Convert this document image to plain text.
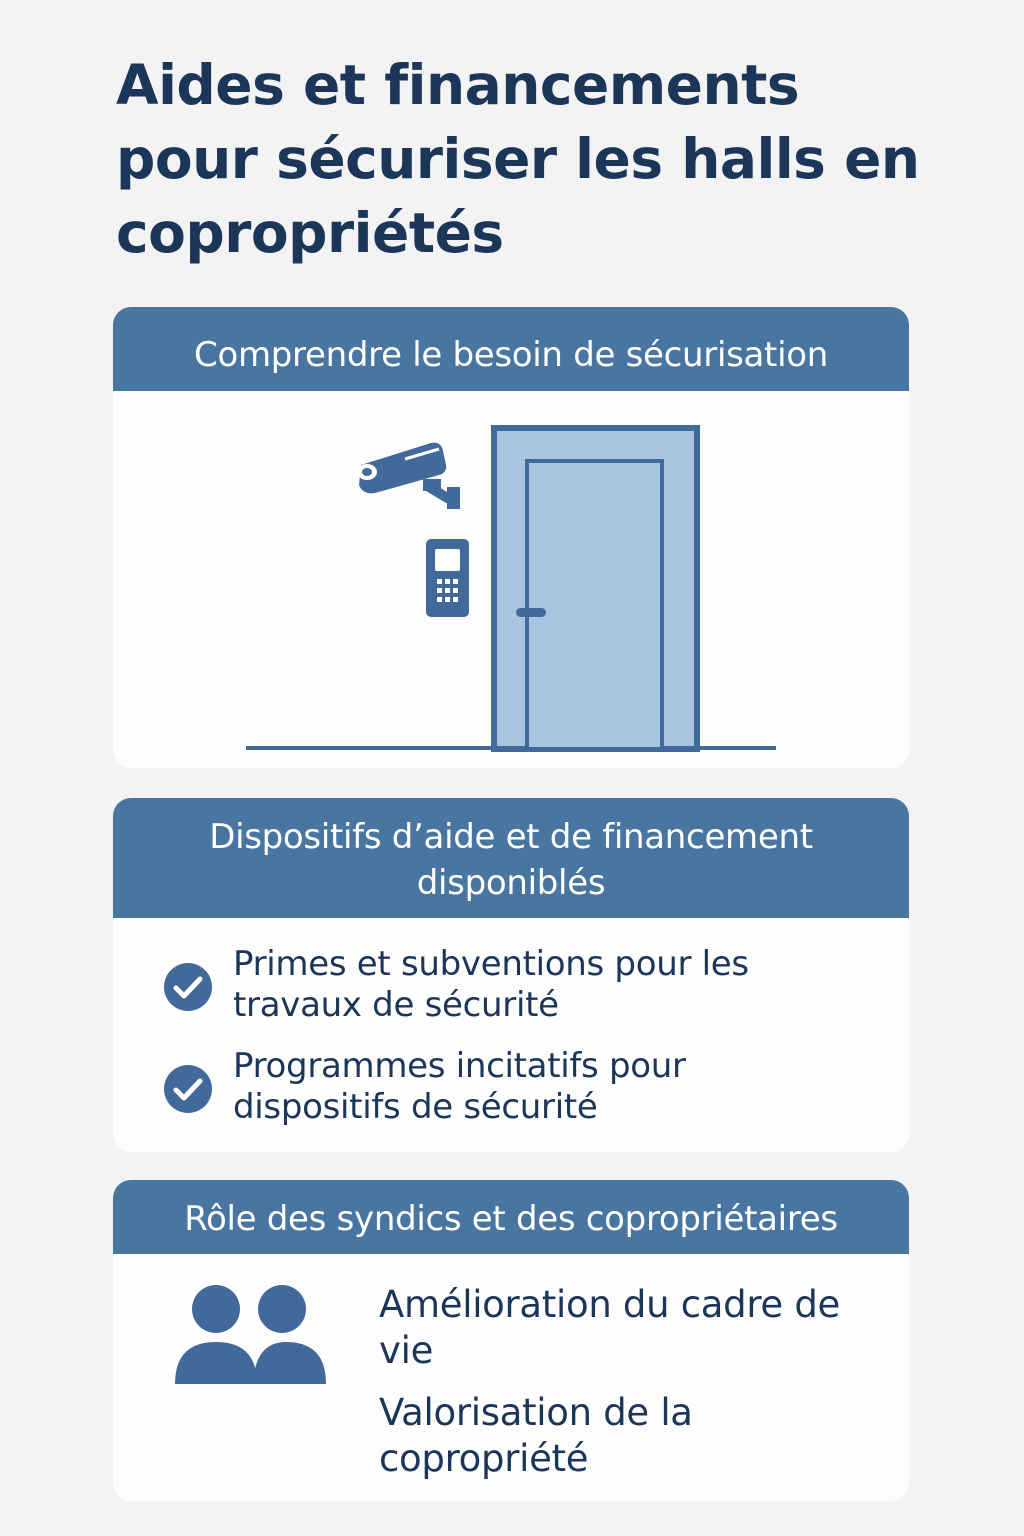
Aides et financements pour sécuriser les halls en copropriétés
Comprendre le besoin de sécurisation
Dispositifs d’aide et de financement disponiblés
Primes et subventions pour les travaux de sécurité
Programmes incitatifs pour dispositifs de sécurité
Rôle des syndics et des copropriétaires
Amélioration du cadre de vie
Valorisation de la copropriété
